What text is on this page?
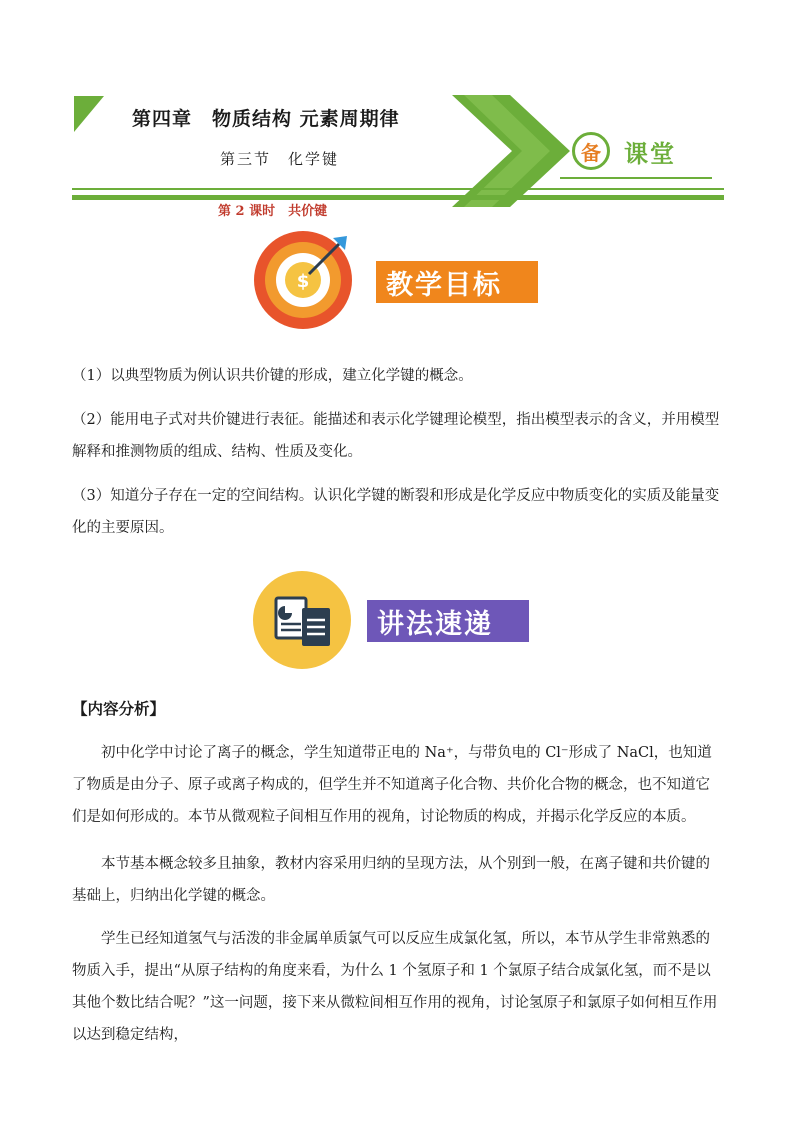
第四章　物质结构 元素周期律
第三节　化学键	备 课堂
第 2 课时　共价键
$	教学目标

（1）以典型物质为例认识共价键的形成，建立化学键的概念。

（2）能用电子式对共价键进行表征。能描述和表示化学键理论模型，指出模型表示的含义，并用模型解释和推测物质的组成、结构、性质及变化。

（3）知道分子存在一定的空间结构。认识化学键的断裂和形成是化学反应中物质变化的实质及能量变化的主要原因。

讲法速递
【内容分析】

初中化学中讨论了离子的概念，学生知道带正电的 Na⁺，与带负电的 Cl⁻形成了 NaCl，也知道了物质是由分子、原子或离子构成的，但学生并不知道离子化合物、共价化合物的概念，也不知道它们是如何形成的。本节从微观粒子间相互作用的视角，讨论物质的构成，并揭示化学反应的本质。

本节基本概念较多且抽象，教材内容采用归纳的呈现方法，从个别到一般，在离子键和共价键的基础上，归纳出化学键的概念。

学生已经知道氢气与活泼的非金属单质氯气可以反应生成氯化氢，所以，本节从学生非常熟悉的物质入手，提出“从原子结构的角度来看，为什么 1 个氢原子和 1 个氯原子结合成氯化氢，而不是以其他个数比结合呢？”这一问题，接下来从微粒间相互作用的视角，讨论氢原子和氯原子如何相互作用以达到稳定结构，
